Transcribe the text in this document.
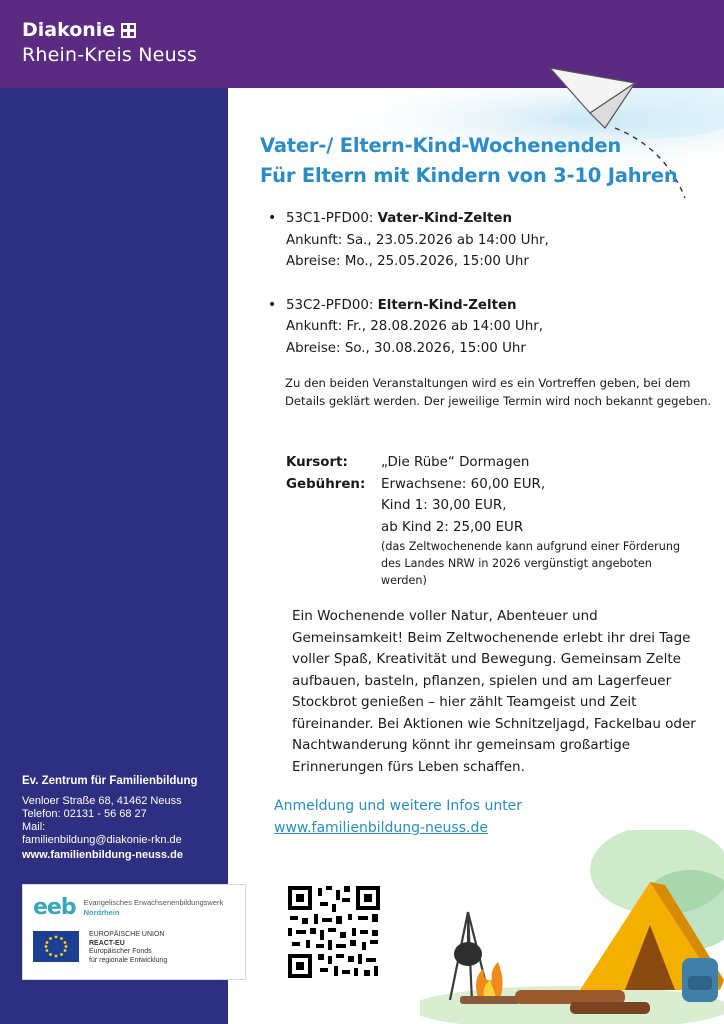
Diakonie
Rhein-Kreis Neuss
Vater-/ Eltern-Kind-Wochenenden
Für Eltern mit Kindern von 3-10 Jahren
• 53C1-PFD00: Vater-Kind-Zelten
Ankunft: Sa., 23.05.2026 ab 14:00 Uhr,
Abreise: Mo., 25.05.2026, 15:00 Uhr
• 53C2-PFD00: Eltern-Kind-Zelten
Ankunft: Fr., 28.08.2026 ab 14:00 Uhr,
Abreise: So., 30.08.2026, 15:00 Uhr
Zu den beiden Veranstaltungen wird es ein Vortreffen geben, bei dem Details geklärt werden. Der jeweilige Termin wird noch bekannt gegeben.
Kursort:	„Die Rübe“ Dormagen
Gebühren:	Erwachsene: 60,00 EUR,
Kind 1: 30,00 EUR,
ab Kind 2: 25,00 EUR
(das Zeltwochenende kann aufgrund einer Förderung des Landes NRW in 2026 vergünstigt angeboten werden)
Ein Wochenende voller Natur, Abenteuer und Gemeinsamkeit! Beim Zeltwochenende erlebt ihr drei Tage voller Spaß, Kreativität und Bewegung. Gemeinsam Zelte aufbauen, basteln, pflanzen, spielen und am Lagerfeuer Stockbrot genießen – hier zählt Teamgeist und Zeit füreinander. Bei Aktionen wie Schnitzeljagd, Fackelbau oder Nachtwanderung könnt ihr gemeinsam großartige Erinnerungen fürs Leben schaffen.
Anmeldung und weitere Infos unter
www.familienbildung-neuss.de
Ev. Zentrum für Familienbildung
Venloer Straße 68, 41462 Neuss
Telefon: 02131 - 56 68 27
Mail:
familienbildung@diakonie-rkn.de
www.familienbildung-neuss.de
eeb Evangelisches Erwachsenenbildungswerk
Nordrhein
EUROPÄISCHE UNION
REACT-EU
Europäischer Fonds
für regionale Entwicklung
